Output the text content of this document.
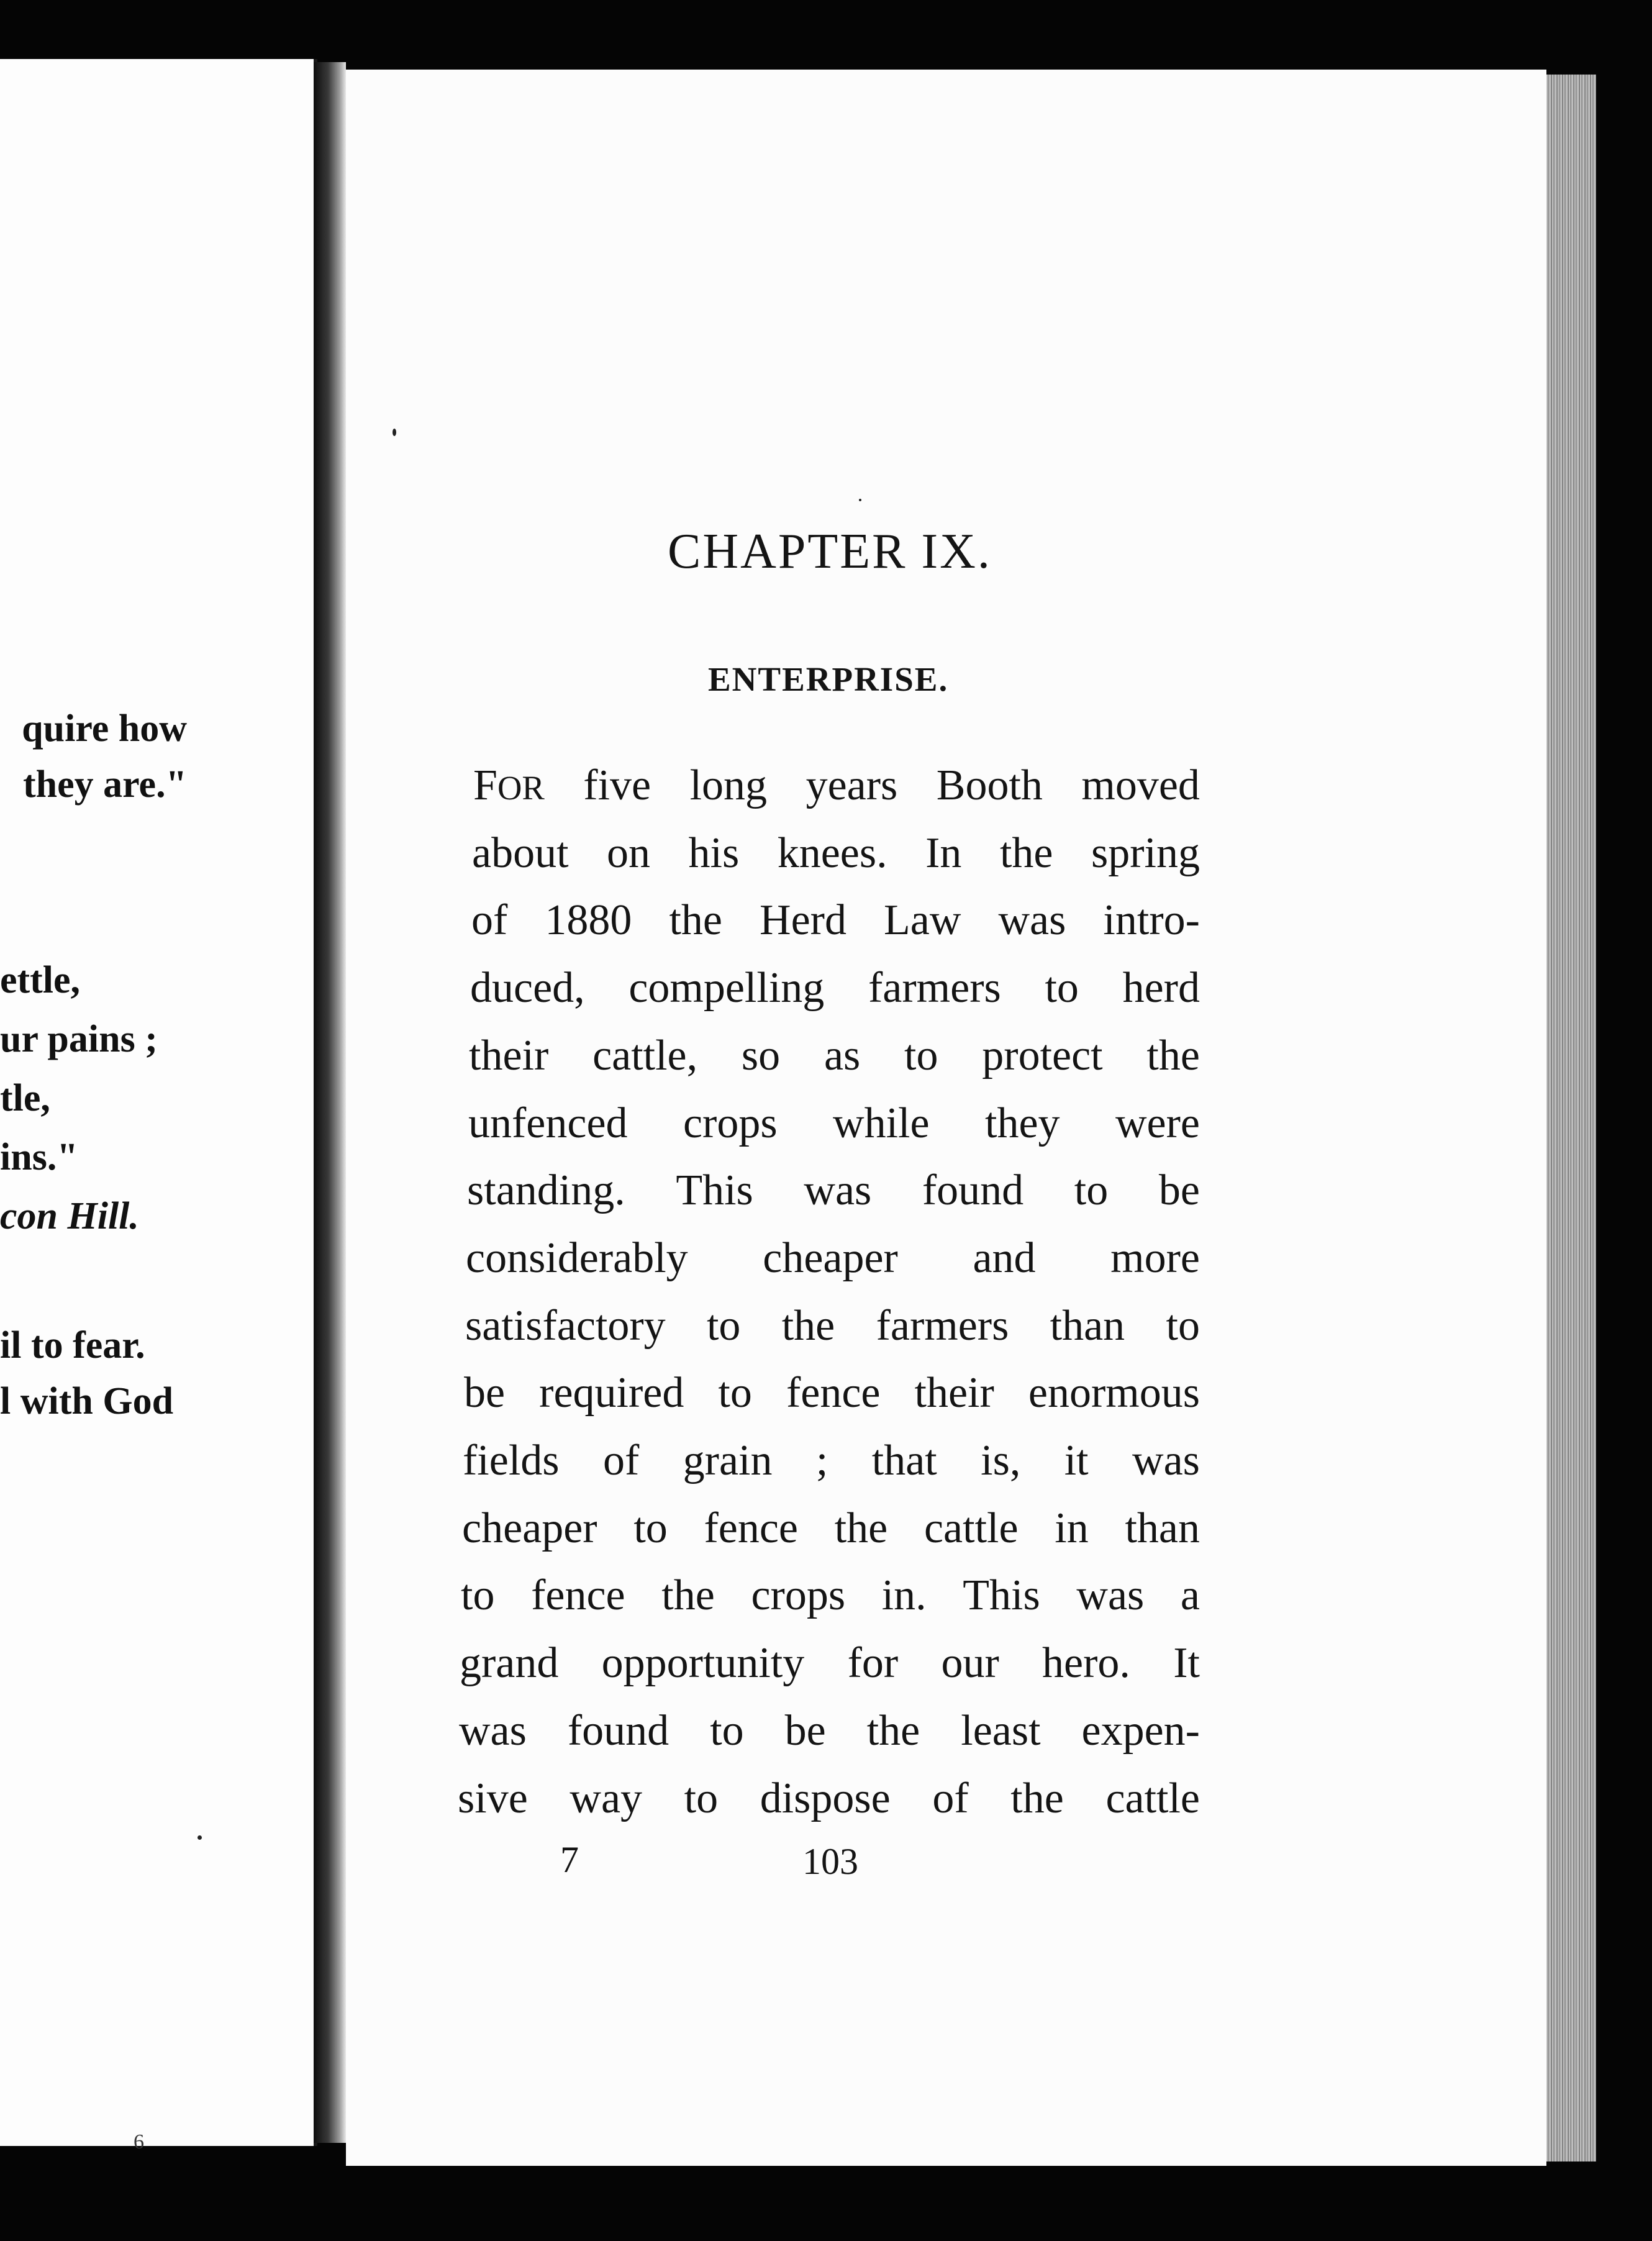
quire how
they are."
ettle,
ur pains ;
tle,
ins."
con Hill.
il to fear.
l with God
6
CHAPTER IX.
ENTERPRISE.
FOR five long years Booth moved
about on his knees. In the spring
of 1880 the Herd Law was intro-
duced, compelling farmers to herd
their cattle, so as to protect the
unfenced crops while they were
standing. This was found to be
considerably cheaper and more
satisfactory to the farmers than to
be required to fence their enormous
fields of grain ; that is, it was
cheaper to fence the cattle in than
to fence the crops in. This was a
grand opportunity for our hero. It
was found to be the least expen-
sive way to dispose of the cattle
7	103
